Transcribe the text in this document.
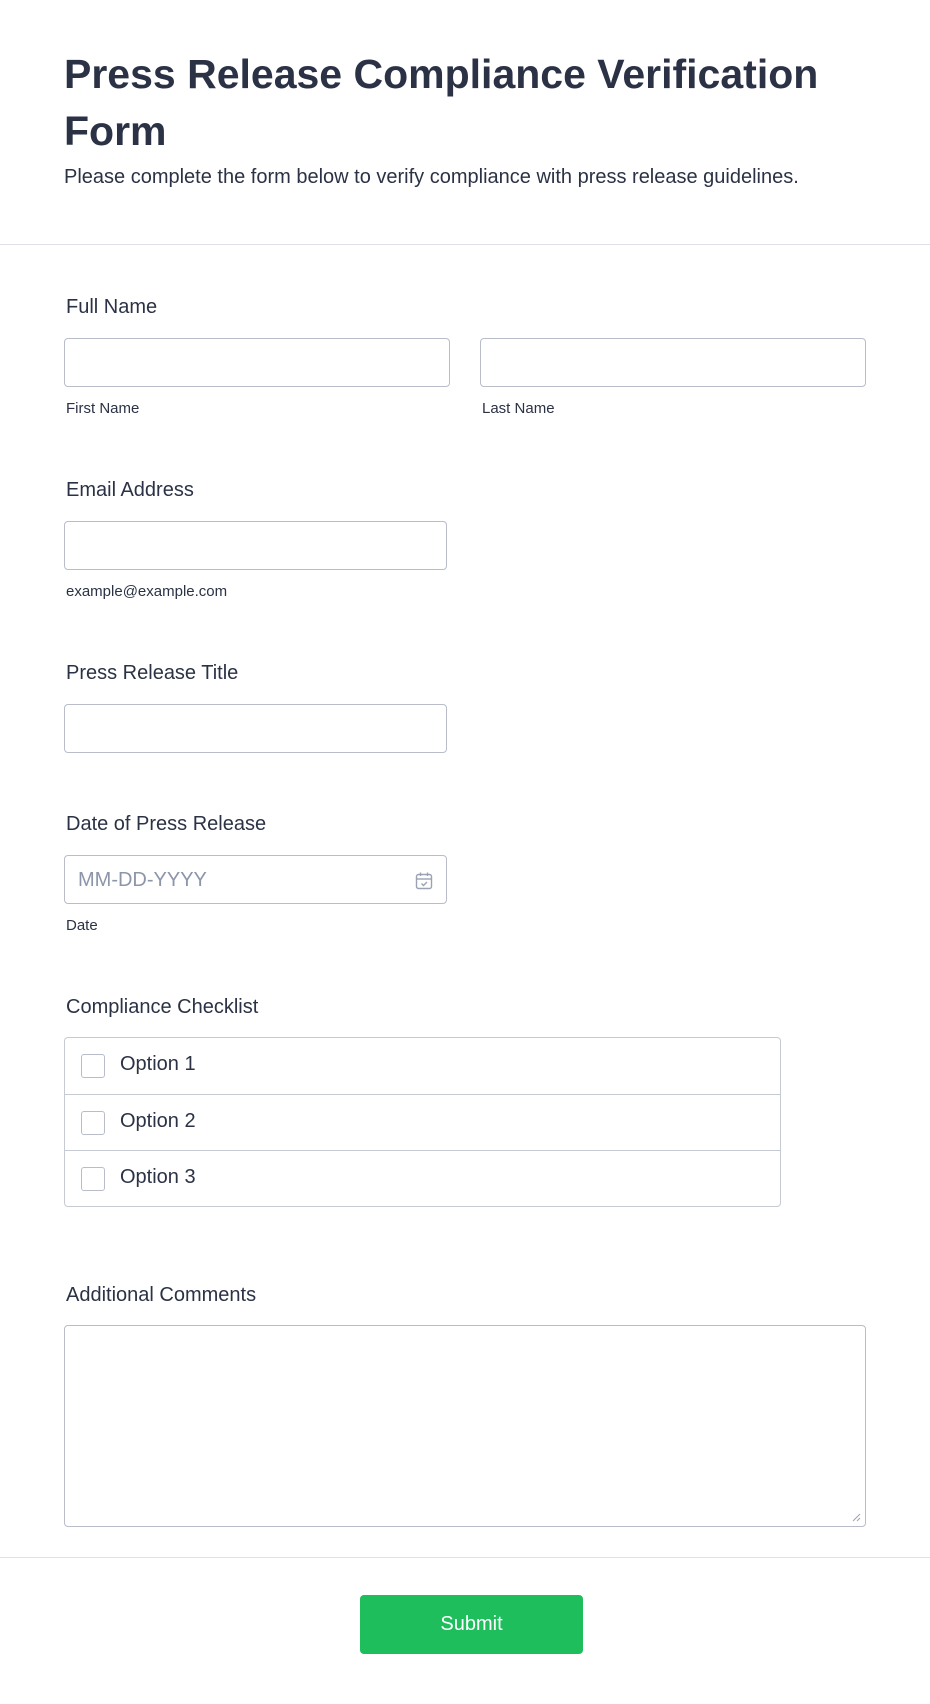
Press Release Compliance Verification Form
Please complete the form below to verify compliance with press release guidelines.
Full Name
First Name	Last Name
Email Address
example@example.com
Press Release Title
Date of Press Release
MM-DD-YYYY
Date
Compliance Checklist
Option 1
Option 2
Option 3
Additional Comments
Submit
